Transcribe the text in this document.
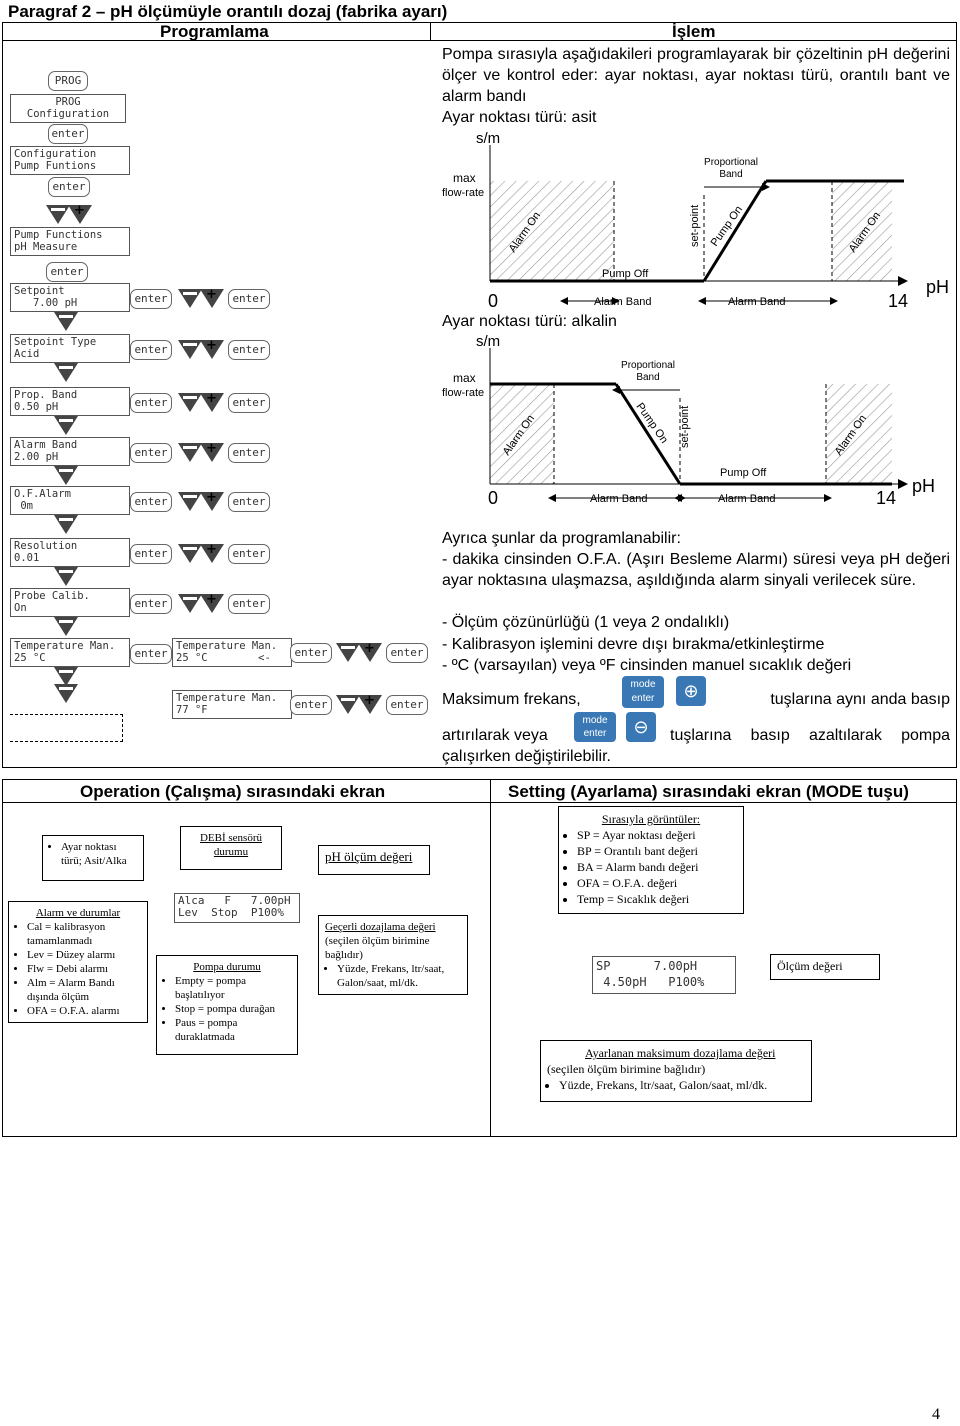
Paragraf 2 – pH ölçümüyle orantılı dozaj (fabrika ayarı)
Programlama	İşlem
PROG
PROG
Configuration
enter
Configuration
Pump Funtions
enter
+
Pump Functions
pH Measure
enter
Setpoint
7.00 pH	enter	+	enter
Setpoint Type
Acid	enter	+	enter
Prop. Band
0.50 pH	enter	+	enter
Alarm Band
2.00 pH	enter	+	enter
O.F.Alarm
0m	enter	+	enter
Resolution
0.01	enter	+	enter
Probe Calib.
On	enter	+	enter
Temperature Man.
25 °C	enter
Temperature Man.
25 °C        <-	enter	+	enter
Temperature Man.
77 °F	enter	+	enter
Pompa sırasıyla aşağıdakileri programlayarak bir çözeltinin pH değerini ölçer ve kontrol eder: ayar noktası, ayar noktası türü, orantılı bant ve alarm bandı
Ayar noktası türü: asit
s/m
max
flow-rate
Proportional
Band
Alarm On	set-point Pump On	Alarm On
Pump Off
0	14
pH
Alarm Band	Alarm Band
Ayar noktası türü: alkalin
s/m
max
flow-rate
Proportional
Band
Alarm On	Pump On set-point	Alarm On
Pump Off
0	14
pH
Alarm Band	Alarm Band
Ayrıca şunlar da programlanabilir:
- dakika cinsinden O.F.A. (Aşırı Besleme Alarmı) süresi veya pH değeri ayar noktasına ulaşmazsa, aşıldığında alarm sinyali verilecek süre.
- Ölçüm çözünürlüğü (1 veya 2 ondalıklı)
- Kalibrasyon işlemini devre dışı bırakma/etkinleştirme
- ºC (varsayılan) veya ºF cinsinden manuel sıcaklık değeri
Maksimum frekans,
mode
enter	⊕	tuşlarına aynı anda basıp
artırılarak veya
mode
enter	⊖	tuşlarına basıp azaltılarak pompa çalışırken değiştirilebilir.
Operation (Çalışma) sırasındaki ekran	Setting (Ayarlama) sırasındaki ekran (MODE tuşu)
• Ayar noktası türü; Asit/Alka
DEBİ sensörü durumu	pH ölçüm değeri
Alarm ve durumlar
• Cal = kalibrasyon tamamlanmadı
• Lev = Düzey alarmı
• Flw = Debi alarmı
• Alm = Alarm Bandı dışında ölçüm
• OFA = O.F.A. alarmı
Alca   F   7.00pH
Lev  Stop  P100%
Pompa durumu
• Empty = pompa başlatılıyor
• Stop = pompa durağan
• Paus = pompa duraklatmada
Geçerli dozajlama değeri
(seçilen ölçüm birimine bağlıdır)
• Yüzde, Frekans, ltr/saat, Galon/saat, ml/dk.
Sırasıyla görüntüler:
• SP = Ayar noktası değeri
• BP = Orantılı bant değeri
• BA = Alarm bandı değeri
• OFA = O.F.A. değeri
• Temp = Sıcaklık değeri
SP      7.00pH
4.50pH   P100%
Ölçüm değeri
Ayarlanan maksimum dozajlama değeri
(seçilen ölçüm birimine bağlıdır)
• Yüzde, Frekans, ltr/saat, Galon/saat, ml/dk.
4
